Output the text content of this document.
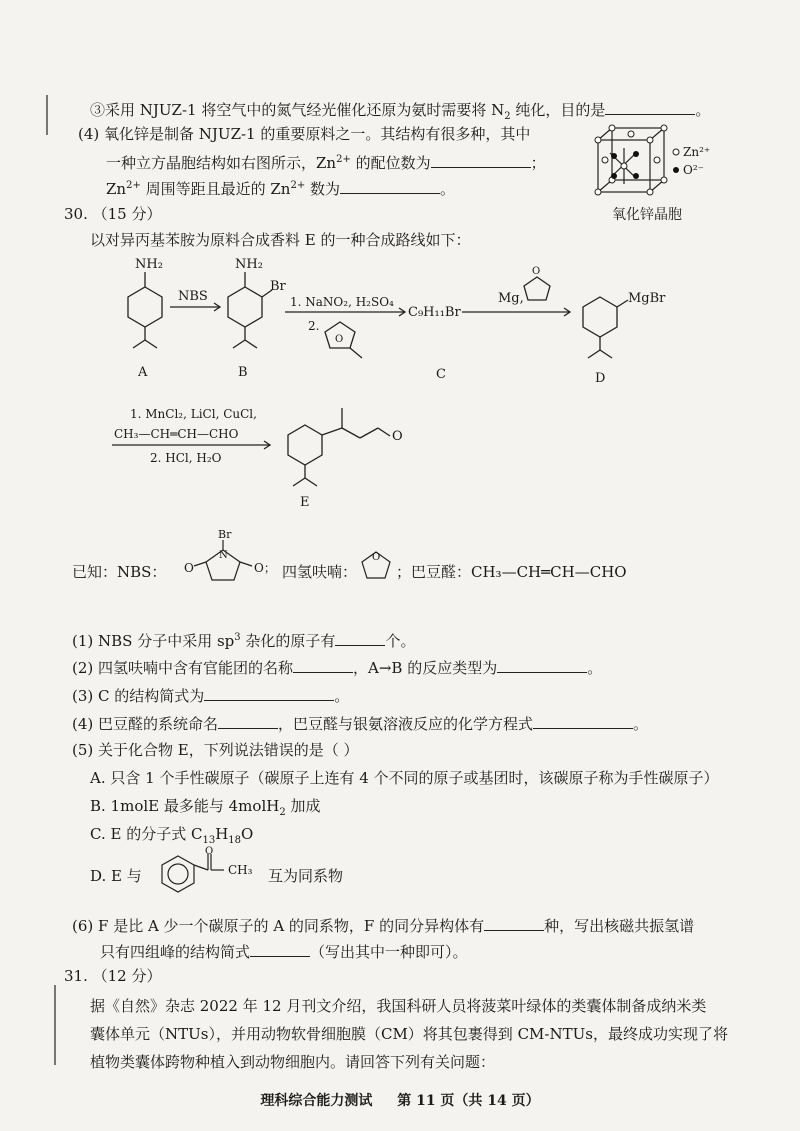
③采用 NJUZ-1 将空气中的氮气经光催化还原为氨时需要将 $N_2$ 纯化，目的是	。
(4) 氧化锌是制备 NJUZ-1 的重要原料之一。其结构有很多种，其中
一种立方晶胞结构如右图所示，$Zn^{2+}$ 的配位数为	；
$Zn^{2+}$ 周围等距且最近的 $Zn^{2+}$ 数为	。
Zn²⁺
O²⁻
氧化锌晶胞
30. （15 分）
以对异丙基苯胺为原料合成香料 E 的一种合成路线如下：
NH₂	NH₂
Br
NBS	1. NaNO₂, H₂SO₄
2.
O
C₉H₁₁Br
Mg,
O
MgBr
A	B	C	D
1. MnCl₂, LiCl, CuCl,
CH₃—CH═CH—CHO
2. HCl, H₂O
O
E
已知：NBS：
Br
N
O	O； 四氢呋喃：
O
；巴豆醛：CH₃—CH═CH—CHO
(1) NBS 分子中采用 $sp^3$ 杂化的原子有	个。
(2) 四氢呋喃中含有官能团的名称	，A→B 的反应类型为	。
(3) C 的结构简式为	。
(4) 巴豆醛的系统命名	，巴豆醛与银氨溶液反应的化学方程式	。
(5) 关于化合物 E，下列说法错误的是（ ）
A. 只含 1 个手性碳原子（碳原子上连有 4 个不同的原子或基团时，该碳原子称为手性碳原子）
B. 1molE 最多能与 4molH$_2$ 加成
C. E 的分子式 $C_{13}H_{18}O$
D. E 与
O
CH₃ 互为同系物
(6) F 是比 A 少一个碳原子的 A 的同系物，F 的同分异构体有	种，写出核磁共振氢谱
只有四组峰的结构简式	（写出其中一种即可）。
31. （12 分）
据《自然》杂志 2022 年 12 月刊文介绍，我国科研人员将菠菜叶绿体的类囊体制备成纳米类
囊体单元（NTUs），并用动物软骨细胞膜（CM）将其包裹得到 CM-NTUs，最终成功实现了将
植物类囊体跨物种植入到动物细胞内。请回答下列有关问题：
理科综合能力测试 第 11 页（共 14 页）
